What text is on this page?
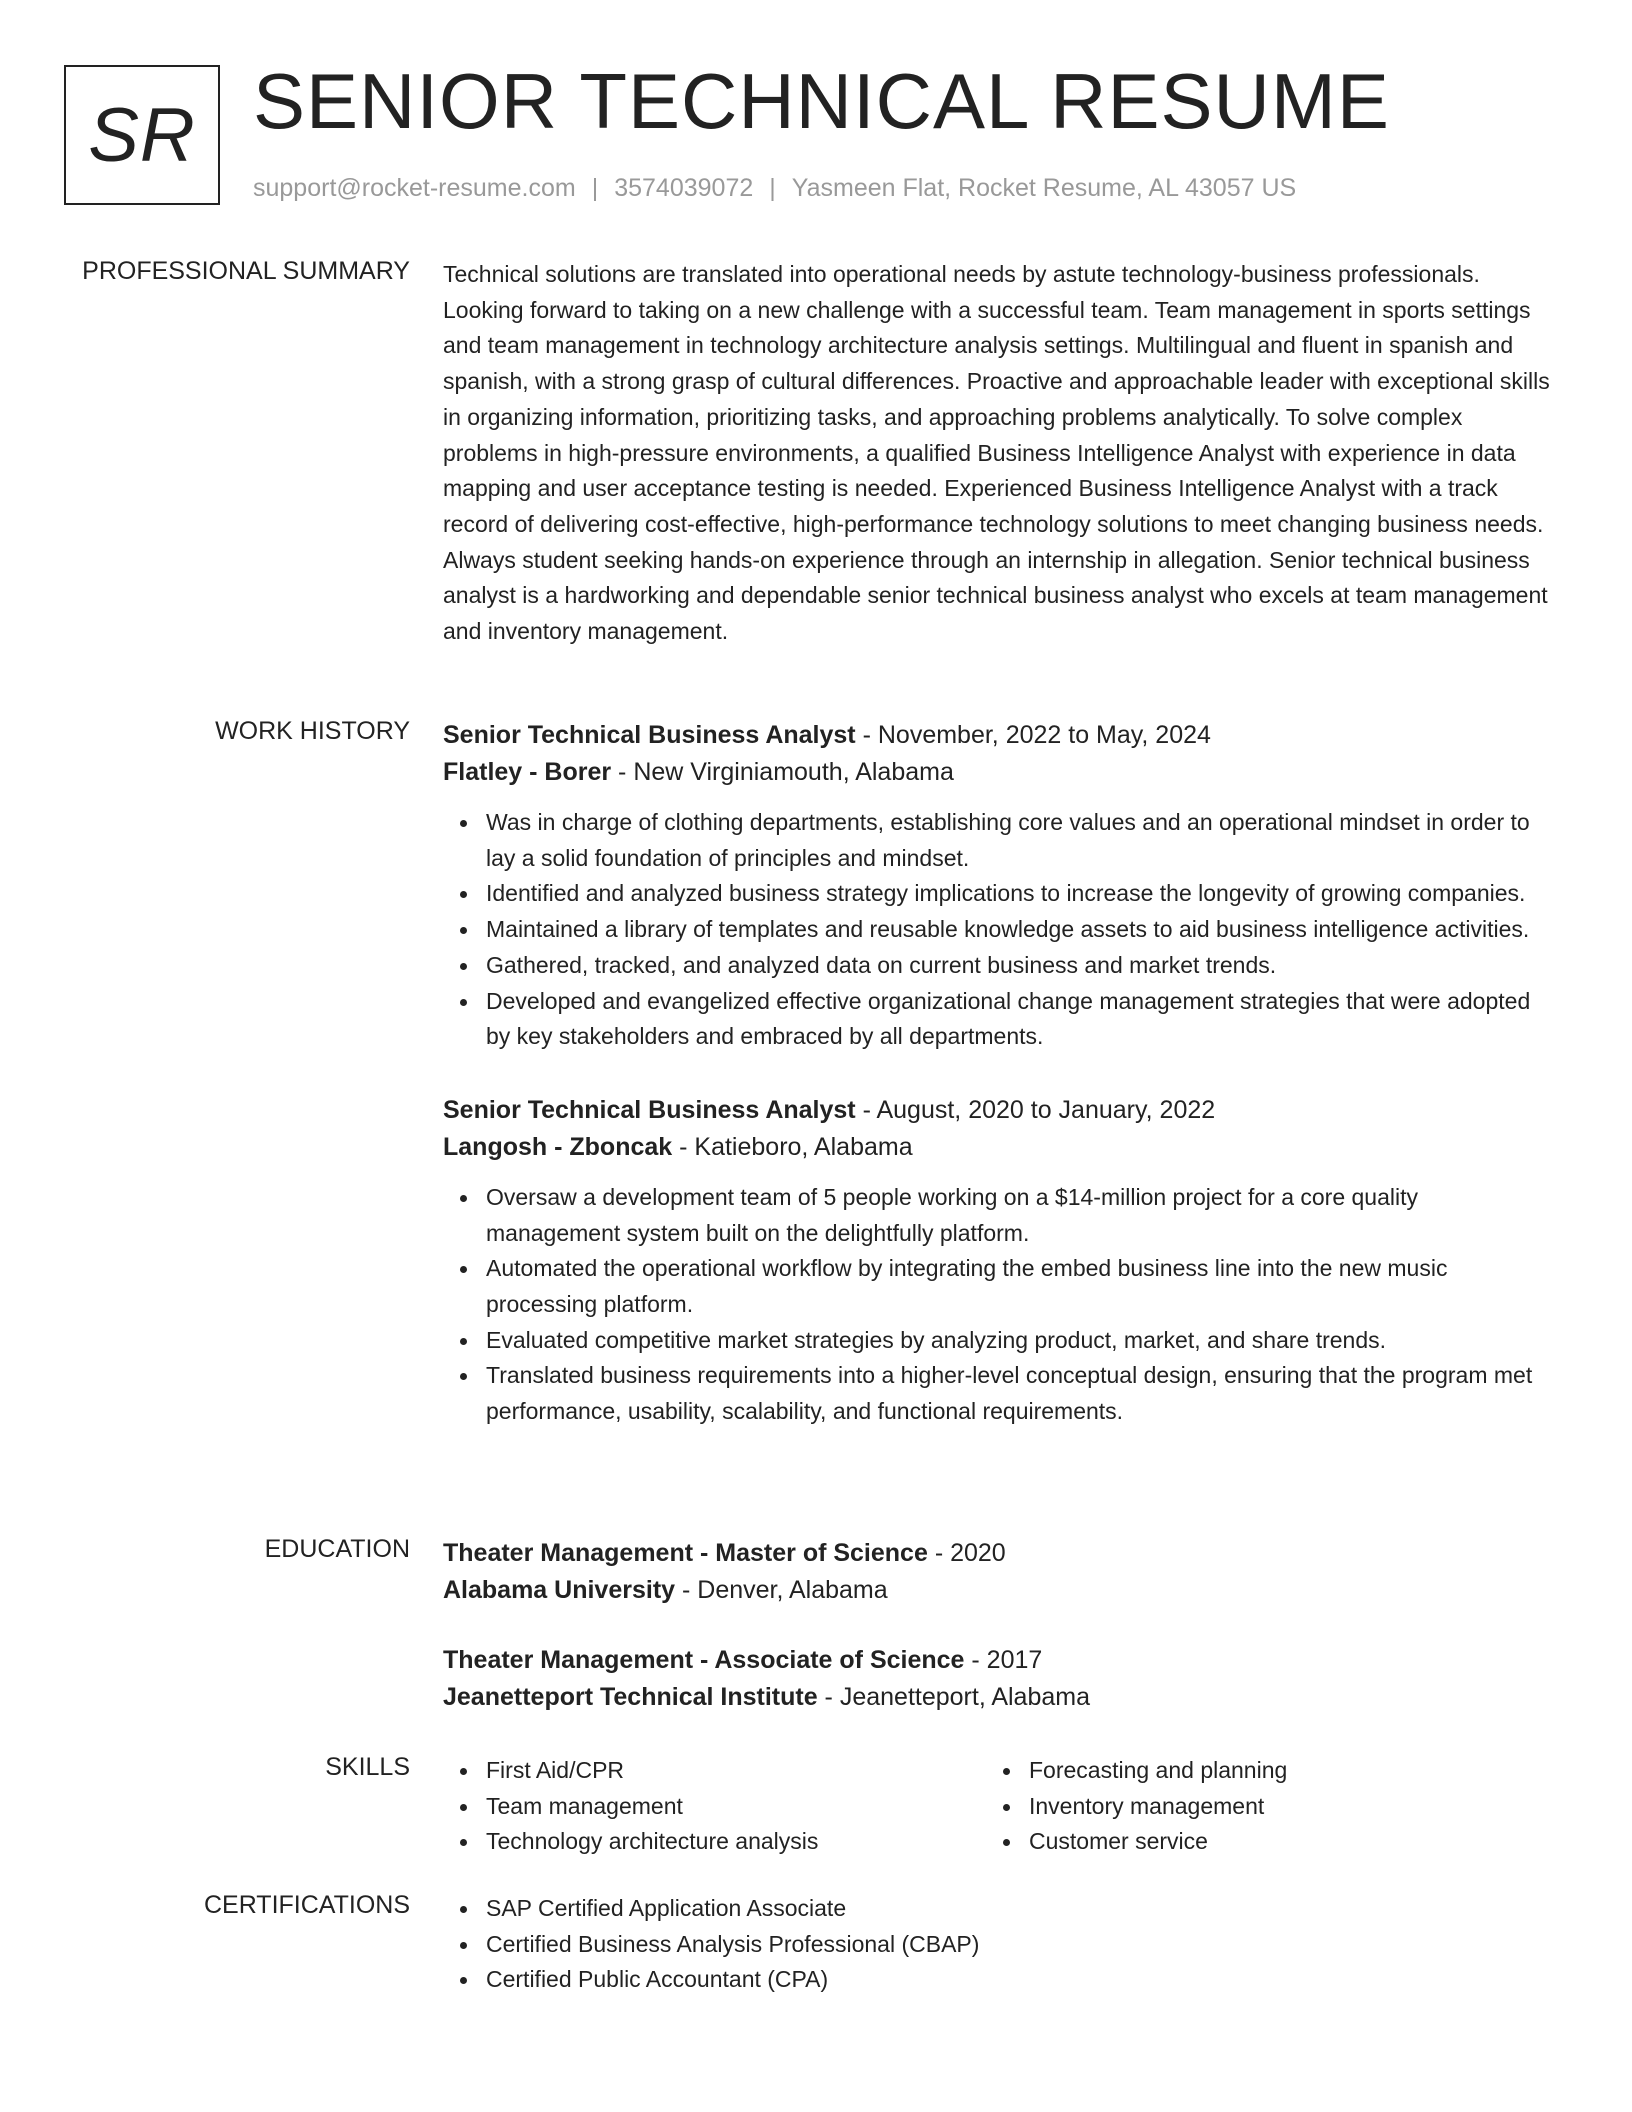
SR SENIOR TECHNICAL RESUME
support@rocket-resume.com | 3574039072 | Yasmeen Flat, Rocket Resume, AL 43057 US
PROFESSIONAL SUMMARY Technical solutions are translated into operational needs by astute technology-business professionals. Looking forward to taking on a new challenge with a successful team. Team management in sports settings and team management in technology architecture analysis settings. Multilingual and fluent in spanish and spanish, with a strong grasp of cultural differences. Proactive and approachable leader with exceptional skills in organizing information, prioritizing tasks, and approaching problems analytically. To solve complex problems in high-pressure environments, a qualified Business Intelligence Analyst with experience in data mapping and user acceptance testing is needed. Experienced Business Intelligence Analyst with a track record of delivering cost-effective, high-performance technology solutions to meet changing business needs. Always student seeking hands-on experience through an internship in allegation. Senior technical business analyst is a hardworking and dependable senior technical business analyst who excels at team management and inventory management.

WORK HISTORY Senior Technical Business Analyst - November, 2022 to May, 2024
Flatley - Borer - New Virginiamouth, Alabama
Was in charge of clothing departments, establishing core values and an operational mindset in order to lay a solid foundation of principles and mindset.
Identified and analyzed business strategy implications to increase the longevity of growing companies.
Maintained a library of templates and reusable knowledge assets to aid business intelligence activities.
Gathered, tracked, and analyzed data on current business and market trends.
Developed and evangelized effective organizational change management strategies that were adopted by key stakeholders and embraced by all departments.
Senior Technical Business Analyst - August, 2020 to January, 2022
Langosh - Zboncak - Katieboro, Alabama
Oversaw a development team of 5 people working on a $14-million project for a core quality management system built on the delightfully platform.
Automated the operational workflow by integrating the embed business line into the new music processing platform.
Evaluated competitive market strategies by analyzing product, market, and share trends.
Translated business requirements into a higher-level conceptual design, ensuring that the program met performance, usability, scalability, and functional requirements.
EDUCATION Theater Management - Master of Science - 2020
Alabama University - Denver, Alabama
Theater Management - Associate of Science - 2017
Jeanetteport Technical Institute - Jeanetteport, Alabama
SKILLS	First Aid/CPR
Team management
Technology architecture analysis
Forecasting and planning
Inventory management
Customer service
CERTIFICATIONS	SAP Certified Application Associate
Certified Business Analysis Professional (CBAP)
Certified Public Accountant (CPA)
